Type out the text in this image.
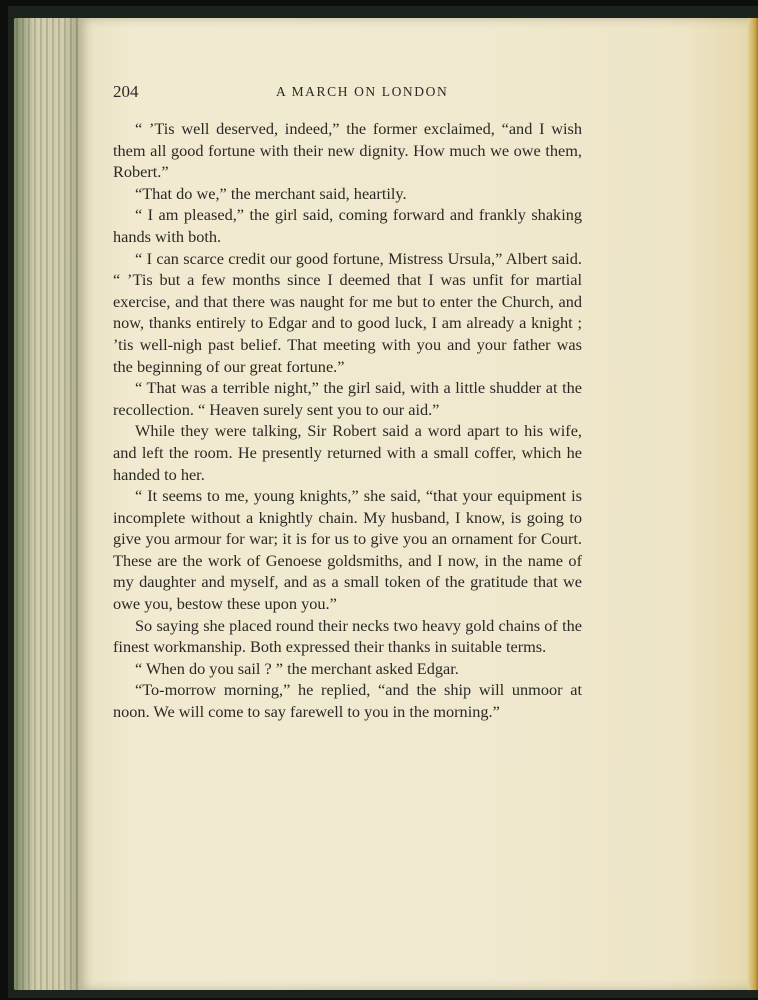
204	A MARCH ON LONDON

“ ’Tis well deserved, indeed,” the former exclaimed, “and I wish them all good fortune with their new dignity. How much we owe them, Robert.”

“That do we,” the merchant said, heartily.

“ I am pleased,” the girl said, coming forward and frankly shaking hands with both.

“ I can scarce credit our good fortune, Mistress Ursula,” Albert said. “ ’Tis but a few months since I deemed that I was unfit for martial exercise, and that there was naught for me but to enter the Church, and now, thanks entirely to Edgar and to good luck, I am already a knight ; ’tis well-nigh past belief. That meeting with you and your father was the beginning of our great fortune.”

“ That was a terrible night,” the girl said, with a little shudder at the recollection. “ Heaven surely sent you to our aid.”

While they were talking, Sir Robert said a word apart to his wife, and left the room. He presently returned with a small coffer, which he handed to her.

“ It seems to me, young knights,” she said, “that your equipment is incomplete without a knightly chain. My husband, I know, is going to give you armour for war; it is for us to give you an ornament for Court. These are the work of Genoese goldsmiths, and I now, in the name of my daughter and myself, and as a small token of the gratitude that we owe you, bestow these upon you.”

So saying she placed round their necks two heavy gold chains of the finest workmanship. Both expressed their thanks in suitable terms.

“ When do you sail ? ” the merchant asked Edgar.

“To-morrow morning,” he replied, “and the ship will unmoor at noon. We will come to say farewell to you in the morning.”
